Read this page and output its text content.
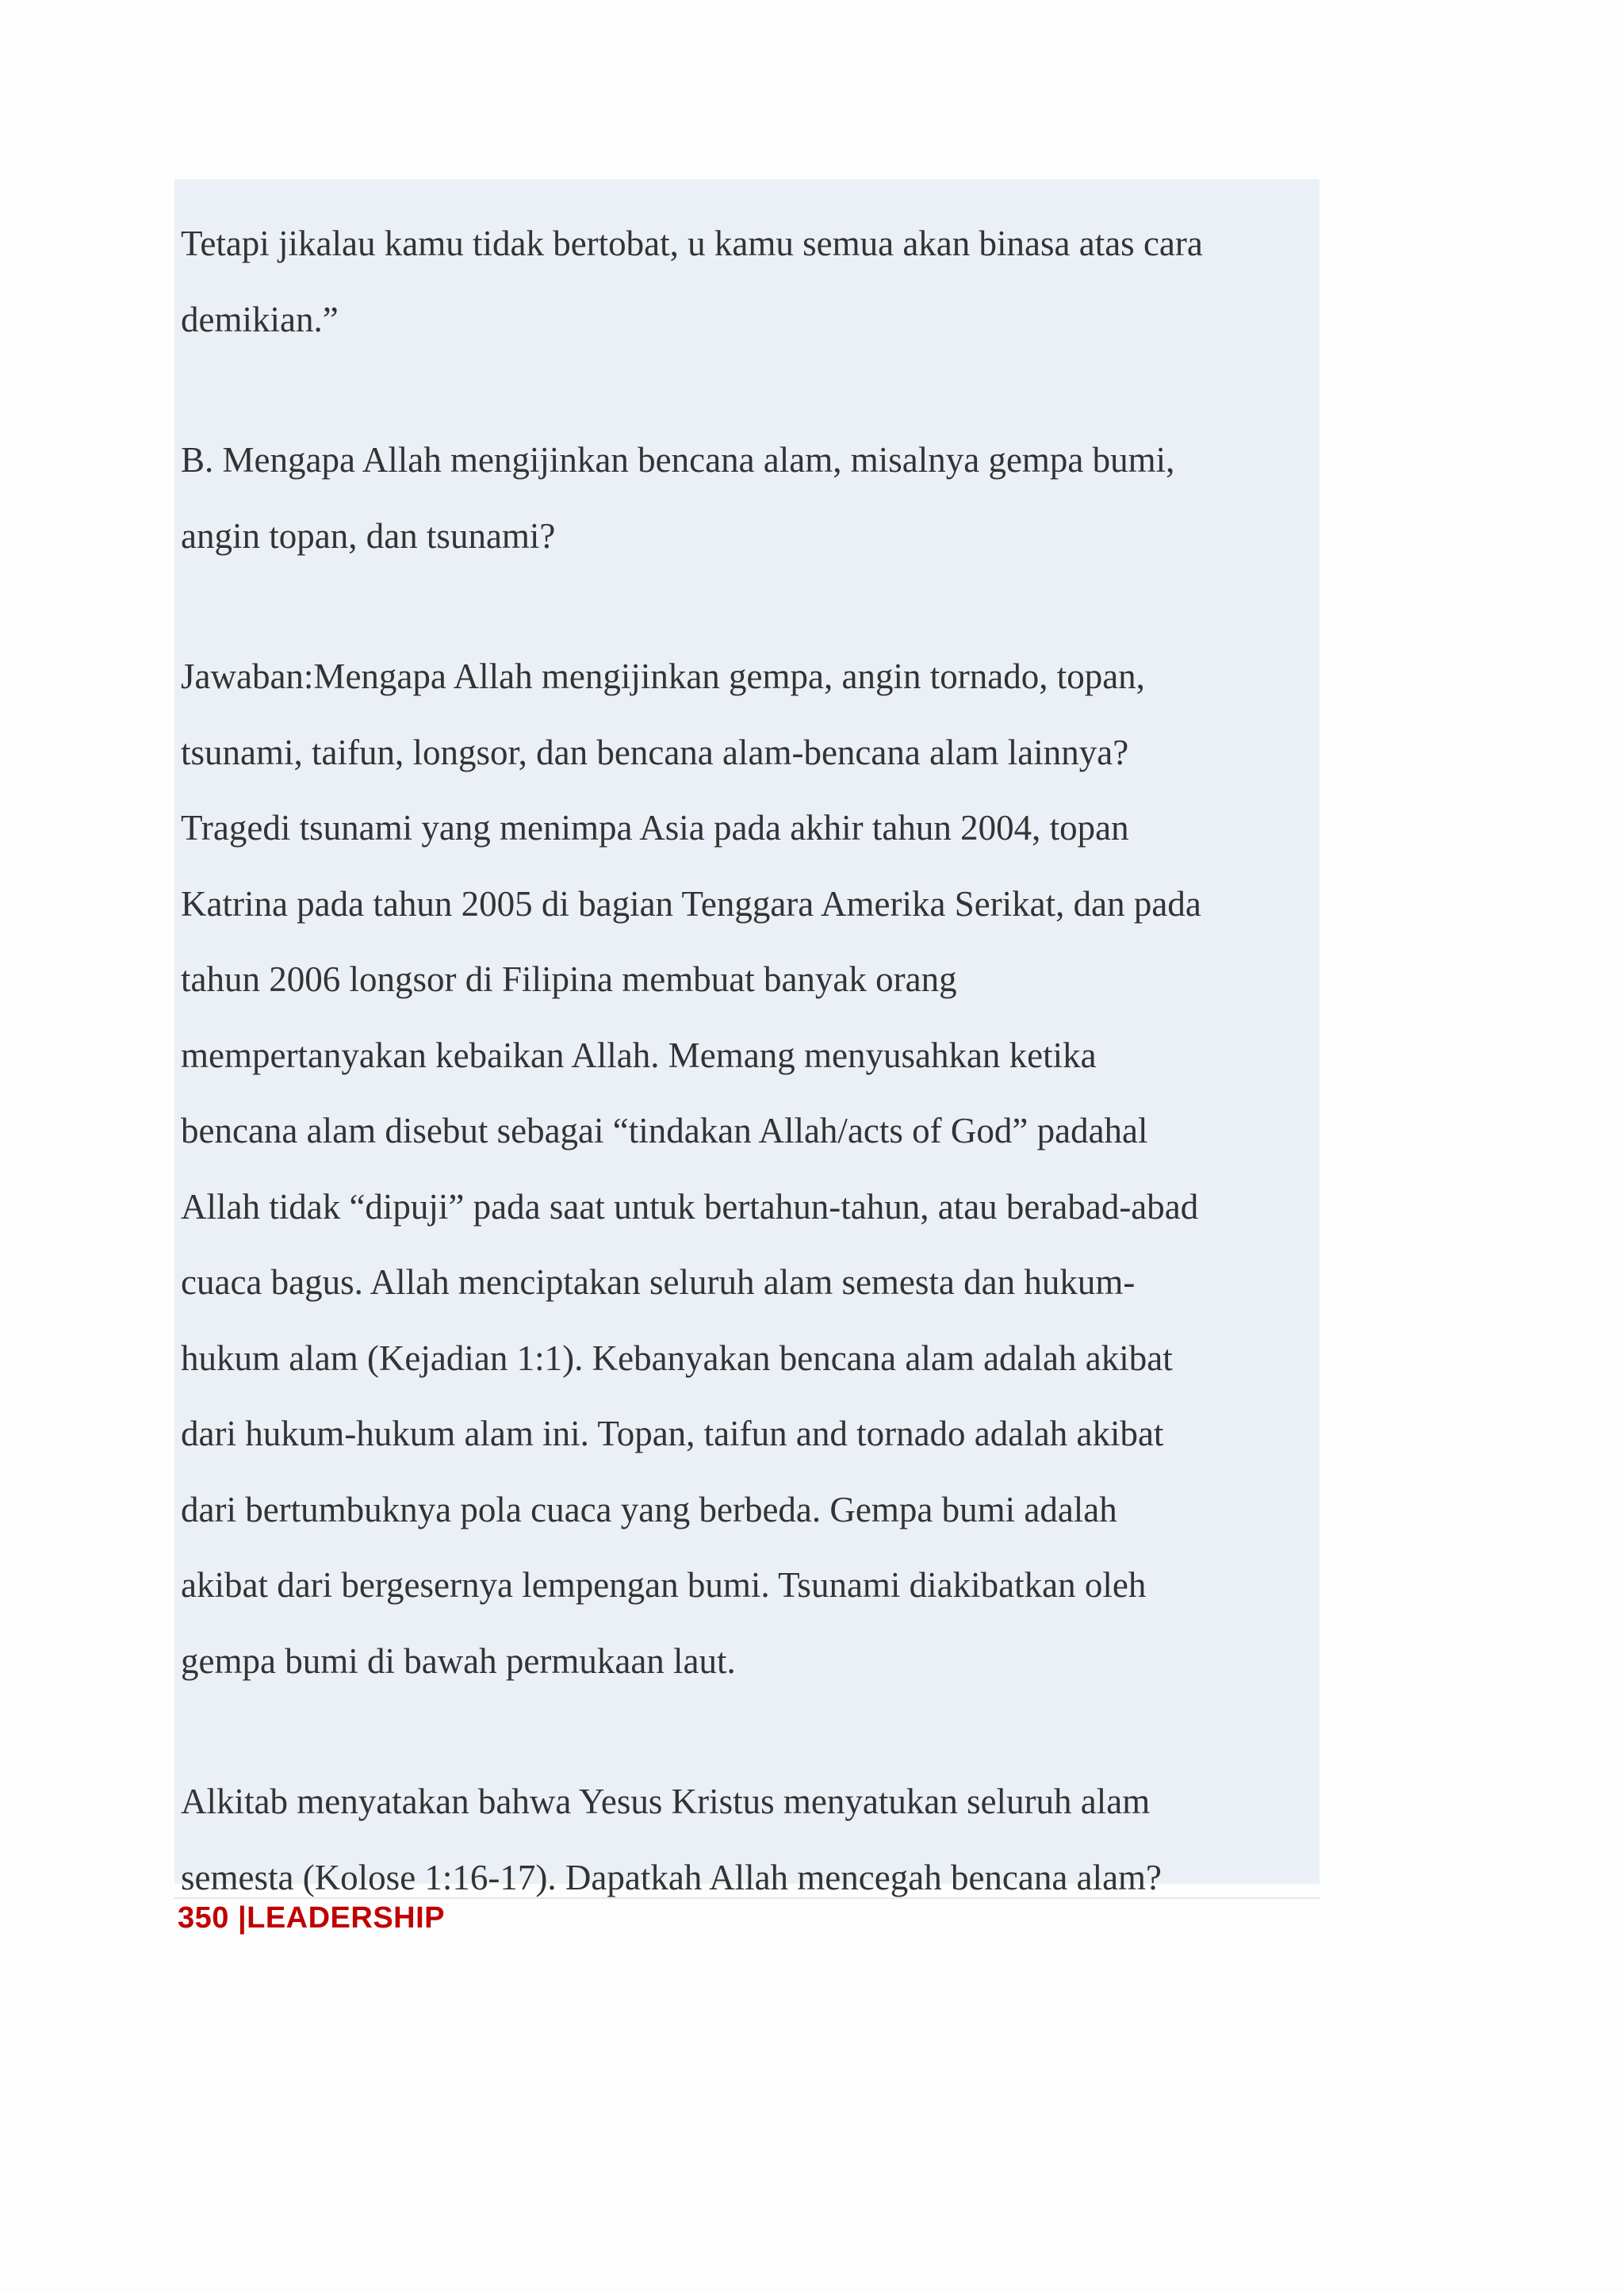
Tetapi jikalau kamu tidak bertobat, u kamu semua akan binasa atas cara
demikian.”

B. Mengapa Allah mengijinkan bencana alam, misalnya gempa bumi,
angin topan, dan tsunami?

Jawaban:Mengapa Allah mengijinkan gempa, angin tornado, topan,
tsunami, taifun, longsor, dan bencana alam-bencana alam lainnya?
Tragedi tsunami yang menimpa Asia pada akhir tahun 2004, topan
Katrina pada tahun 2005 di bagian Tenggara Amerika Serikat, dan pada
tahun 2006 longsor di Filipina membuat banyak orang
mempertanyakan kebaikan Allah. Memang menyusahkan ketika
bencana alam disebut sebagai “tindakan Allah/acts of God” padahal
Allah tidak “dipuji” pada saat untuk bertahun-tahun, atau berabad-abad
cuaca bagus. Allah menciptakan seluruh alam semesta dan hukum-
hukum alam (Kejadian 1:1). Kebanyakan bencana alam adalah akibat
dari hukum-hukum alam ini. Topan, taifun and tornado adalah akibat
dari bertumbuknya pola cuaca yang berbeda. Gempa bumi adalah
akibat dari bergesernya lempengan bumi. Tsunami diakibatkan oleh
gempa bumi di bawah permukaan laut.

Alkitab menyatakan bahwa Yesus Kristus menyatukan seluruh alam
semesta (Kolose 1:16-17). Dapatkah Allah mencegah bencana alam?

350 |LEADERSHIP
